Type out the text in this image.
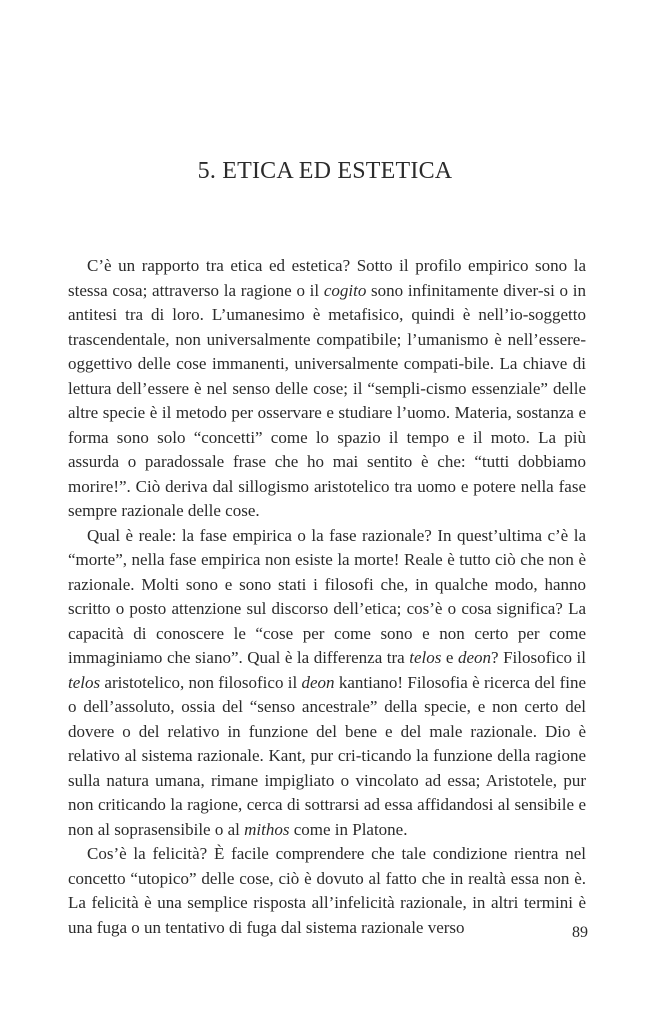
5. ETICA ED ESTETICA

C’è un rapporto tra etica ed estetica? Sotto il profilo empirico sono la stessa cosa; attraverso la ragione o il cogito sono infinitamente diver-si o in antitesi tra di loro. L’umanesimo è metafisico, quindi è nell’io-soggetto trascendentale, non universalmente compatibile; l’umanismo è nell’essere-oggettivo delle cose immanenti, universalmente compati-bile. La chiave di lettura dell’essere è nel senso delle cose; il “sempli-cismo essenziale” delle altre specie è il metodo per osservare e studiare l’uomo. Materia, sostanza e forma sono solo “concetti” come lo spazio il tempo e il moto. La più assurda o paradossale frase che ho mai sentito è che: “tutti dobbiamo morire!”. Ciò deriva dal sillogismo aristotelico tra uomo e potere nella fase sempre razionale delle cose.

Qual è reale: la fase empirica o la fase razionale? In quest’ultima c’è la “morte”, nella fase empirica non esiste la morte! Reale è tutto ciò che non è razionale. Molti sono e sono stati i filosofi che, in qualche modo, hanno scritto o posto attenzione sul discorso dell’etica; cos’è o cosa significa? La capacità di conoscere le “cose per come sono e non certo per come immaginiamo che siano”. Qual è la differenza tra telos e deon? Filosofico il telos aristotelico, non filosofico il deon kantiano! Filosofia è ricerca del fine o dell’assoluto, ossia del “senso ancestrale” della specie, e non certo del dovere o del relativo in funzione del bene e del male razionale. Dio è relativo al sistema razionale. Kant, pur cri-ticando la funzione della ragione sulla natura umana, rimane impigliato o vincolato ad essa; Aristotele, pur non criticando la ragione, cerca di sottrarsi ad essa affidandosi al sensibile e non al soprasensibile o al mithos come in Platone.

Cos’è la felicità? È facile comprendere che tale condizione rientra nel concetto “utopico” delle cose, ciò è dovuto al fatto che in realtà essa non è. La felicità è una semplice risposta all’infelicità razionale, in altri termini è una fuga o un tentativo di fuga dal sistema razionale verso	89
